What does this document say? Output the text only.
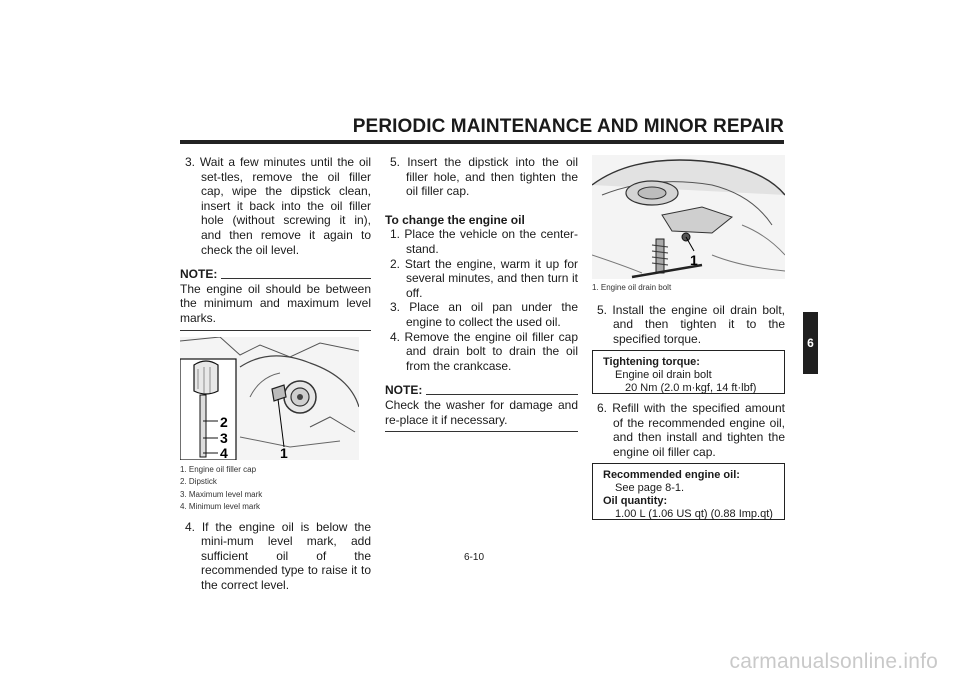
PERIODIC MAINTENANCE AND MINOR REPAIR
6

3. Wait a few minutes until the oil set-tles, remove the oil filler cap, wipe the dipstick clean, insert it back into the oil filler hole (without screwing it in), and then remove it again to check the oil level.

NOTE:

The engine oil should be between the minimum and maximum level marks.

2
3
4	1

1. Engine oil filler cap

2. Dipstick

3. Maximum level mark

4. Minimum level mark

4. If the engine oil is below the mini-mum level mark, add sufficient oil of the recommended type to raise it to the correct level.

5. Insert the dipstick into the oil filler hole, and then tighten the oil filler cap.

To change the engine oil

1. Place the vehicle on the center-stand.

2. Start the engine, warm it up for several minutes, and then turn it off.

3. Place an oil pan under the engine to collect the used oil.

4. Remove the engine oil filler cap and drain bolt to drain the oil from the crankcase.

NOTE:

Check the washer for damage and re-place it if necessary.

1

1. Engine oil drain bolt

5. Install the engine oil drain bolt, and then tighten it to the specified torque.

Tightening torque:

Engine oil drain bolt

20 Nm (2.0 m·kgf, 14 ft·lbf)

6. Refill with the specified amount of the recommended engine oil, and then install and tighten the engine oil filler cap.

Recommended engine oil:

See page 8-1.

Oil quantity:

1.00 L (1.06 US qt) (0.88 Imp.qt)

6-10
carmanualsonline.info
